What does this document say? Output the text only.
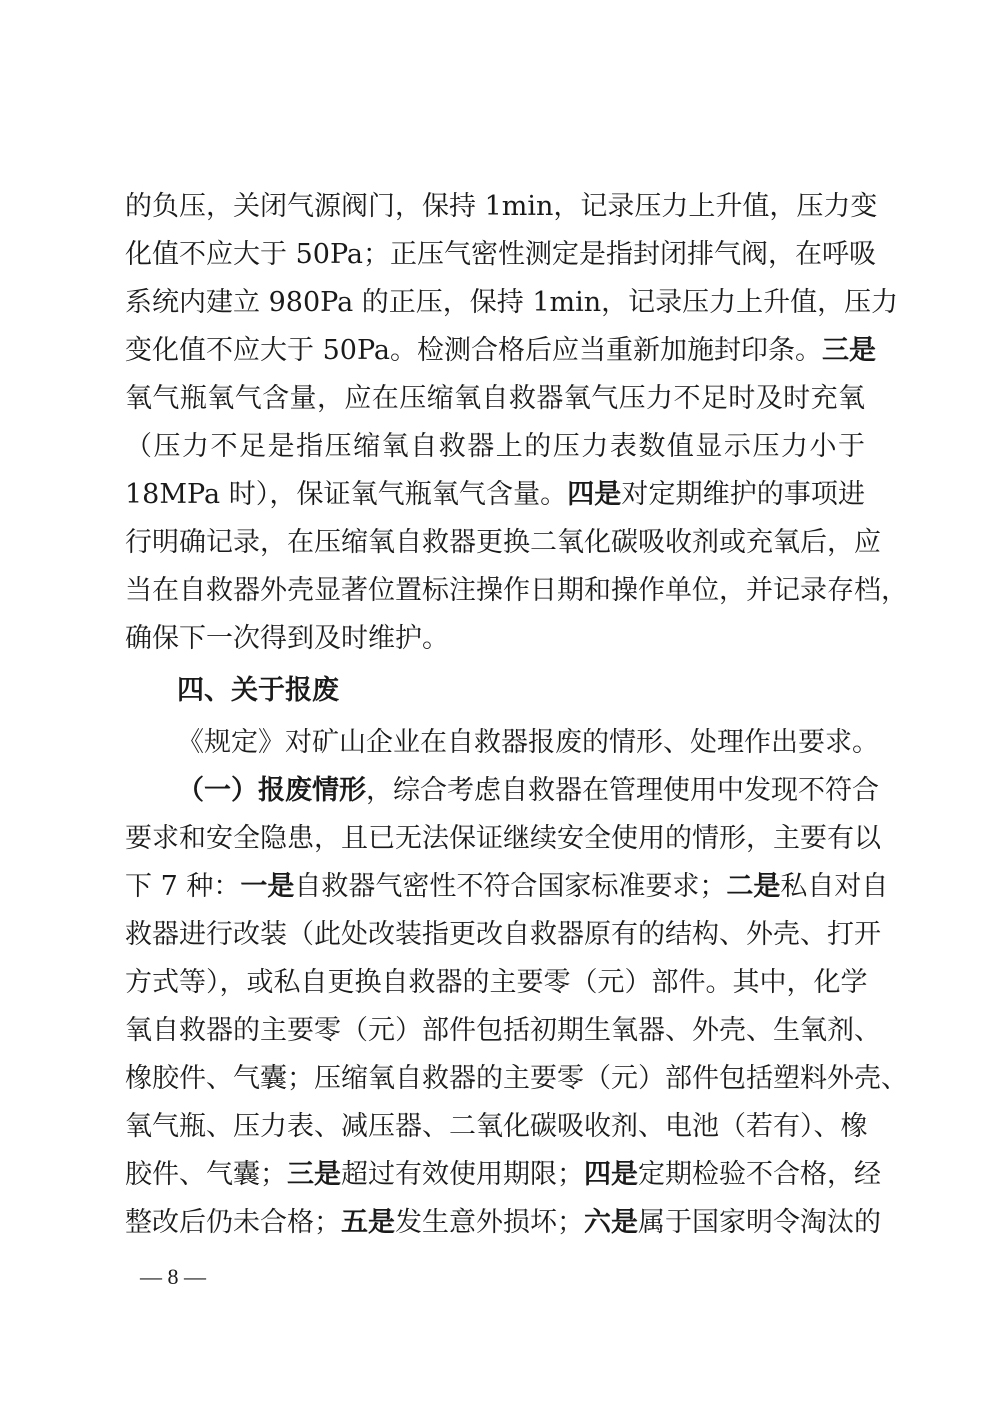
的负压，关闭气源阀门，保持 1min，记录压力上升值，压力变
化值不应大于 50Pa；正压气密性测定是指封闭排气阀，在呼吸
系统内建立 980Pa 的正压，保持 1min，记录压力上升值，压力
变化值不应大于 50Pa。检测合格后应当重新加施封印条。三是
氧气瓶氧气含量，应在压缩氧自救器氧气压力不足时及时充氧
（压力不足是指压缩氧自救器上的压力表数值显示压力小于
18MPa 时），保证氧气瓶氧气含量。四是对定期维护的事项进
行明确记录，在压缩氧自救器更换二氧化碳吸收剂或充氧后，应
当在自救器外壳显著位置标注操作日期和操作单位，并记录存档，
确保下一次得到及时维护。
四、关于报废
《规定》对矿山企业在自救器报废的情形、处理作出要求。
（一）报废情形，综合考虑自救器在管理使用中发现不符合
要求和安全隐患，且已无法保证继续安全使用的情形，主要有以
下 7 种：一是自救器气密性不符合国家标准要求；二是私自对自
救器进行改装（此处改装指更改自救器原有的结构、外壳、打开
方式等），或私自更换自救器的主要零（元）部件。其中，化学
氧自救器的主要零（元）部件包括初期生氧器、外壳、生氧剂、
橡胶件、气囊；压缩氧自救器的主要零（元）部件包括塑料外壳、
氧气瓶、压力表、减压器、二氧化碳吸收剂、电池（若有）、橡
胶件、气囊；三是超过有效使用期限；四是定期检验不合格，经
整改后仍未合格；五是发生意外损坏；六是属于国家明令淘汰的
— 8 —
